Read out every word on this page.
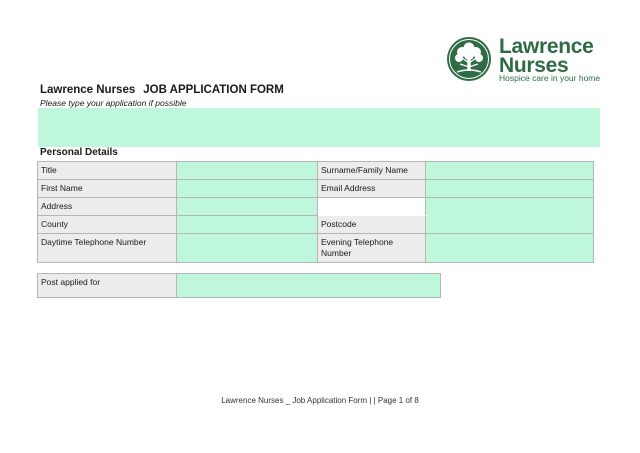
Lawrence
Nurses
Hospice care in your home
Lawrence Nurses JOB APPLICATION FORM
Please type your application if possible
Personal Details
Title		Surname/Family Name	
First Name		Email Address	
Address			
County		Postcode	
Daytime Telephone Number		Evening Telephone Number	
Post applied for	
Lawrence Nurses _ Job Application Form | | Page 1 of 8
